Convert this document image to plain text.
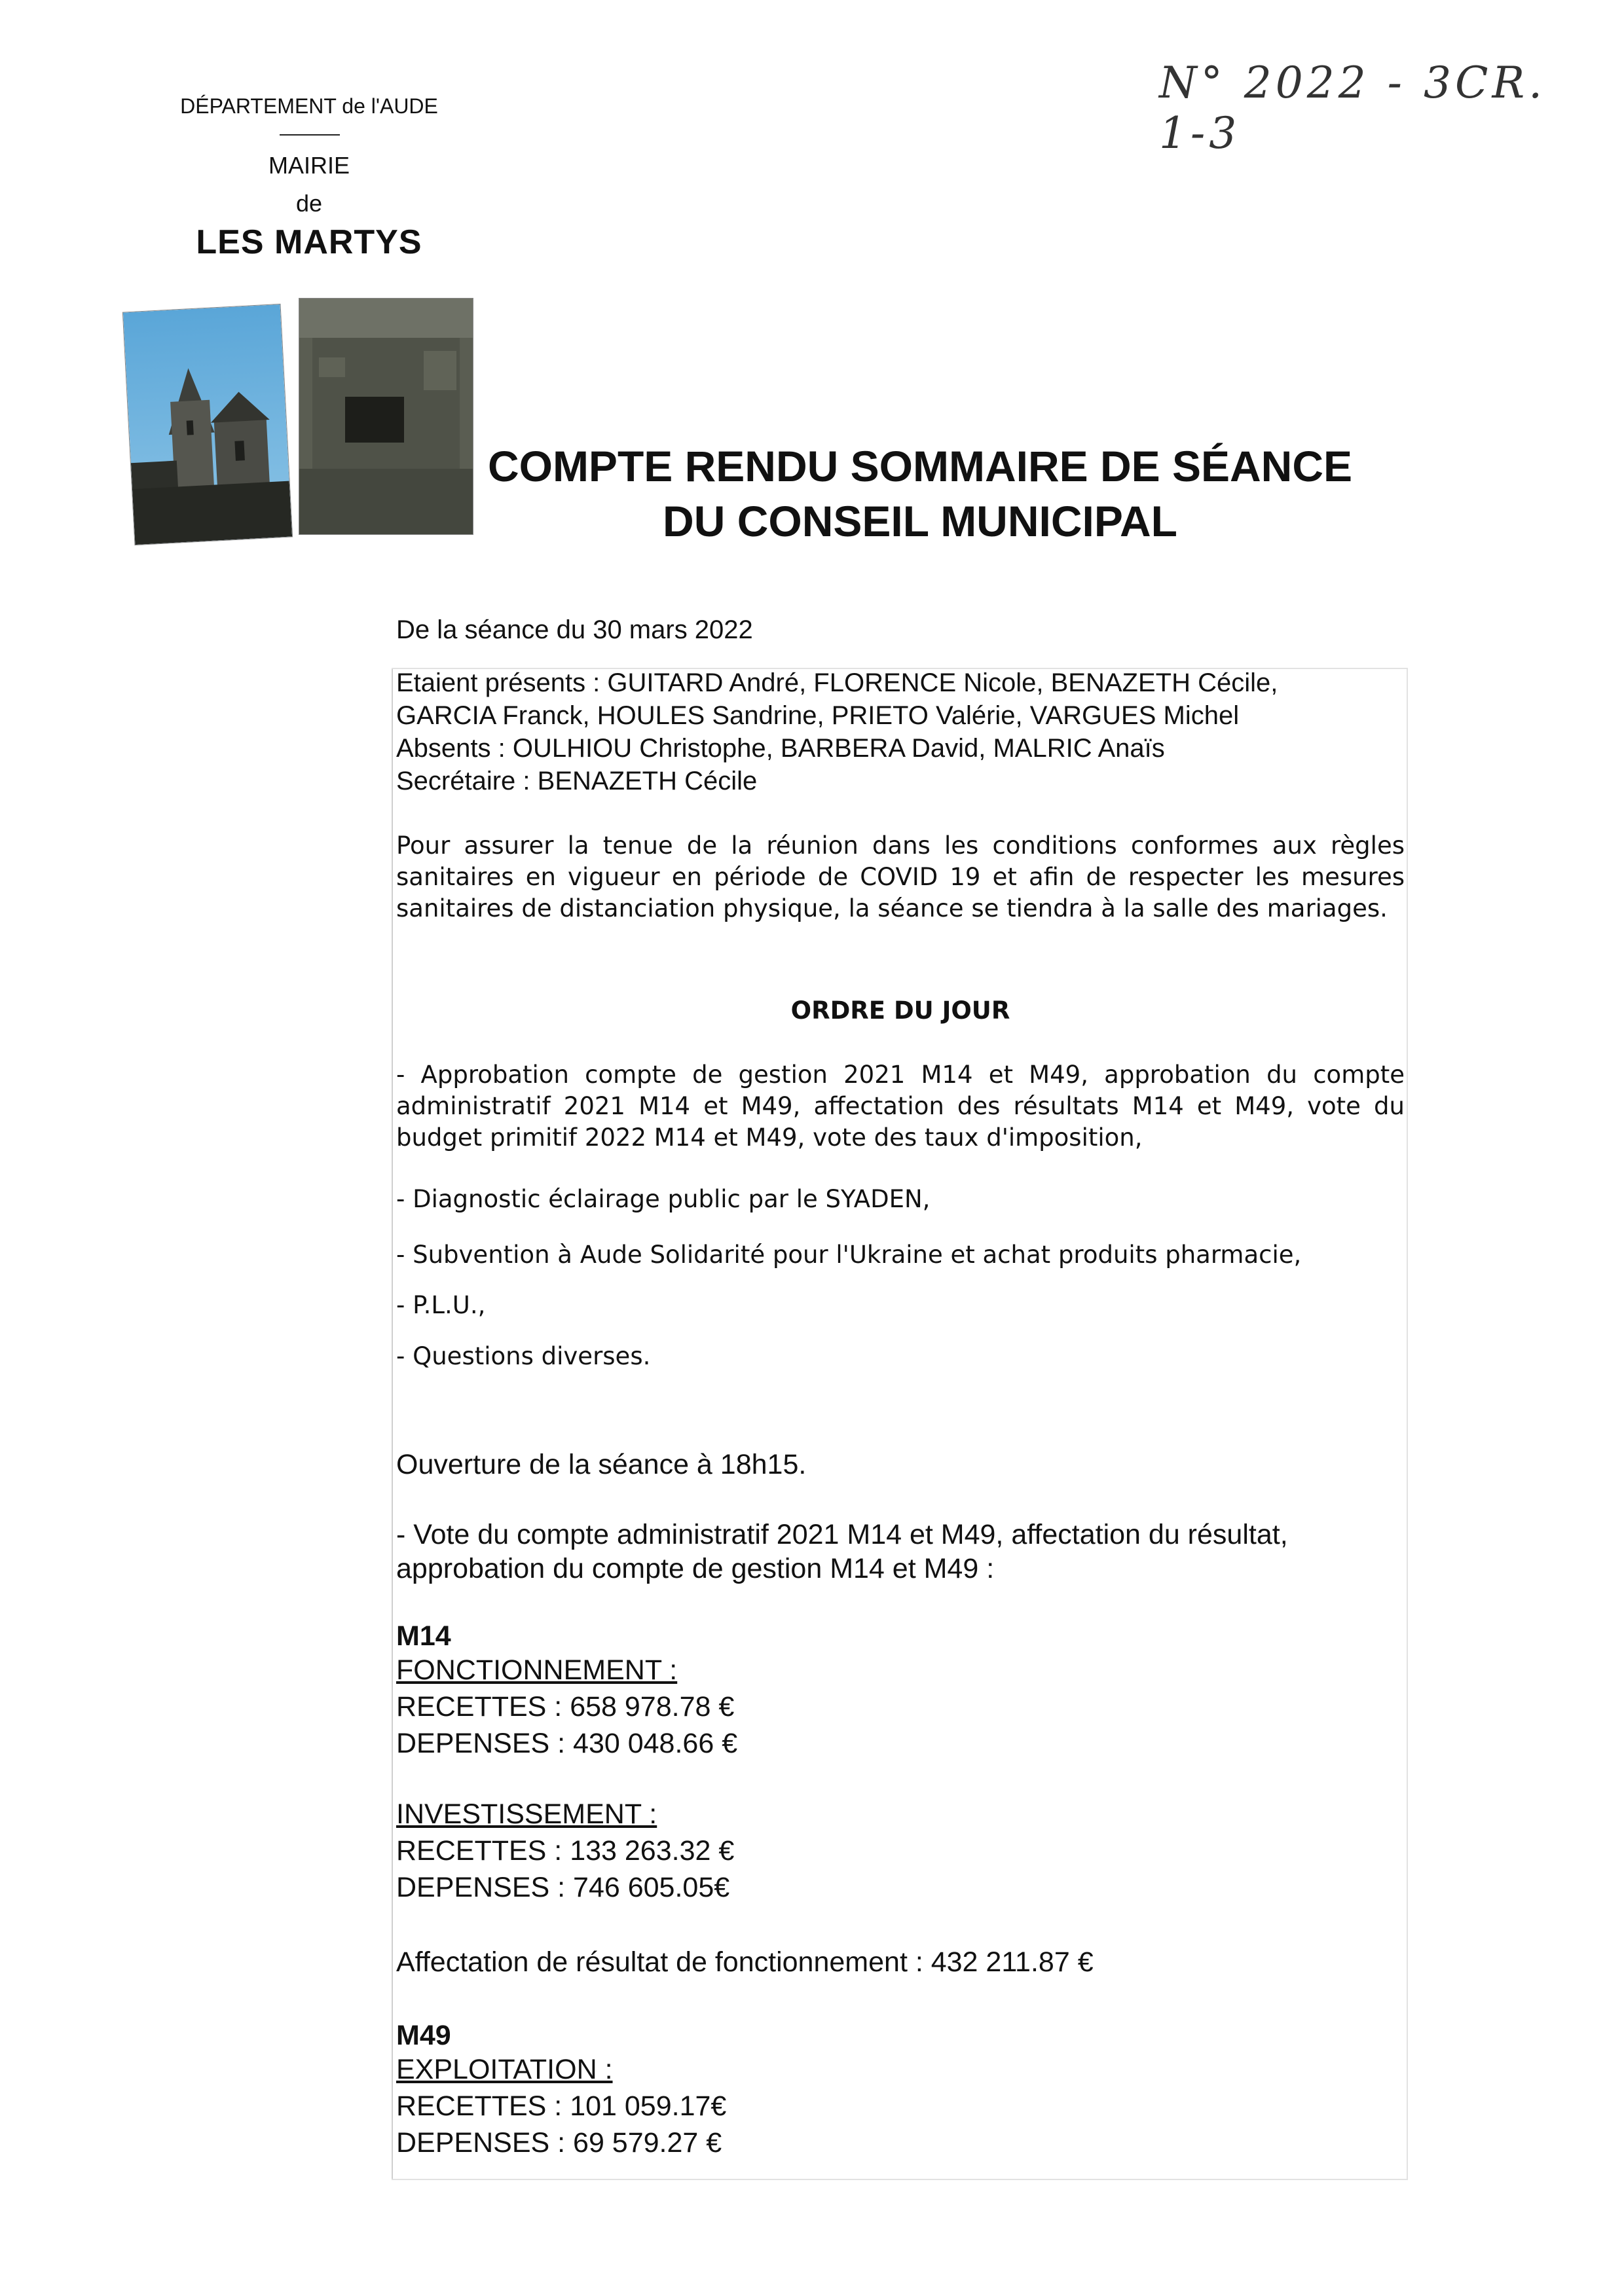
DÉPARTEMENT de l'AUDE
MAIRIE
de
LES MARTYS
N° 2022 - 3CR. 1-3
COMPTE RENDU SOMMAIRE DE SÉANCE
DU CONSEIL MUNICIPAL
De la séance du 30 mars 2022
Etaient présents : GUITARD André, FLORENCE Nicole, BENAZETH Cécile,
GARCIA Franck, HOULES Sandrine, PRIETO Valérie, VARGUES Michel
Absents : OULHIOU Christophe, BARBERA David, MALRIC Anaïs
Secrétaire : BENAZETH Cécile
Pour assurer la tenue de la réunion dans les conditions conformes aux règles sanitaires en vigueur en période de COVID 19 et afin de respecter les mesures sanitaires de distanciation physique, la séance se tiendra à la salle des mariages.
ORDRE DU JOUR
- Approbation compte de gestion 2021 M14 et M49, approbation du compte administratif 2021 M14 et M49, affectation des résultats M14 et M49, vote du budget primitif 2022 M14 et M49, vote des taux d'imposition,
- Diagnostic éclairage public par le SYADEN,
- Subvention à Aude Solidarité pour l'Ukraine et achat produits pharmacie,
- P.L.U.,
- Questions diverses.
Ouverture de la séance à 18h15.
- Vote du compte administratif 2021 M14 et M49, affectation du résultat, approbation du compte de gestion M14 et M49 :
M14
FONCTIONNEMENT :
RECETTES : 658 978.78 €
DEPENSES : 430 048.66 €
INVESTISSEMENT :
RECETTES : 133 263.32 €
DEPENSES : 746 605.05€
Affectation de résultat de fonctionnement : 432 211.87 €
M49
EXPLOITATION :
RECETTES : 101 059.17€
DEPENSES : 69 579.27 €
